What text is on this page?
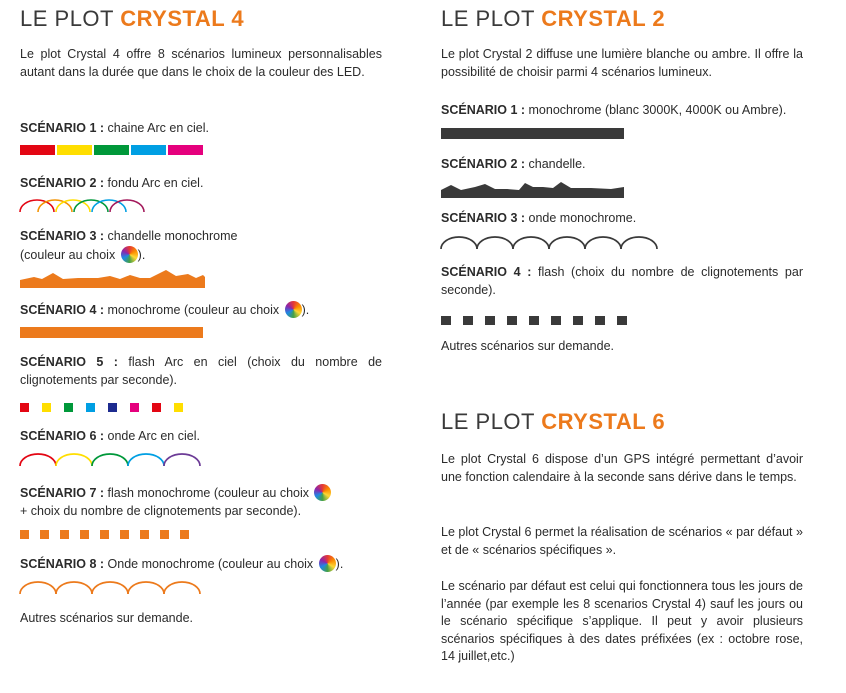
LE PLOT CRYSTAL 4

Le plot Crystal 4 offre 8 scénarios lumineux personnalisables autant dans la durée que dans le choix de la couleur des LED.

SCÉNARIO 1 : chaine Arc en ciel.

SCÉNARIO 2 : fondu Arc en ciel.

SCÉNARIO 3 : chandelle monochrome
(couleur au choix ).

SCÉNARIO 4 : monochrome (couleur au choix ).

SCÉNARIO 5 : flash Arc en ciel (choix du nombre de clignotements par seconde).

SCÉNARIO 6 : onde Arc en ciel.

SCÉNARIO 7 : flash monochrome (couleur au choix
+ choix du nombre de clignotements par seconde).

SCÉNARIO 8 : Onde monochrome (couleur au choix ).

Autres scénarios sur demande.

LE PLOT CRYSTAL 2

Le plot Crystal 2 diffuse une lumière blanche ou ambre. Il offre la possibilité de choisir parmi 4 scénarios lumineux.

SCÉNARIO 1 : monochrome (blanc 3000K, 4000K ou Ambre).

SCÉNARIO 2 : chandelle.

SCÉNARIO 3 : onde monochrome.

SCÉNARIO 4 : flash (choix du nombre de clignotements par seconde).

Autres scénarios sur demande.

LE PLOT CRYSTAL 6

Le plot Crystal 6 dispose d’un GPS intégré permettant d’avoir une fonction calendaire à la seconde sans dérive dans le temps.

Le plot Crystal 6 permet la réalisation de scénarios « par défaut » et de « scénarios spécifiques ».

Le scénario par défaut est celui qui fonctionnera tous les jours de l’année (par exemple les 8 scenarios Crystal 4) sauf les jours ou le scénario spécifique s’applique. Il peut y avoir plusieurs scénarios spécifiques à des dates préfixées (ex : octobre rose, 14 juillet,etc.)
